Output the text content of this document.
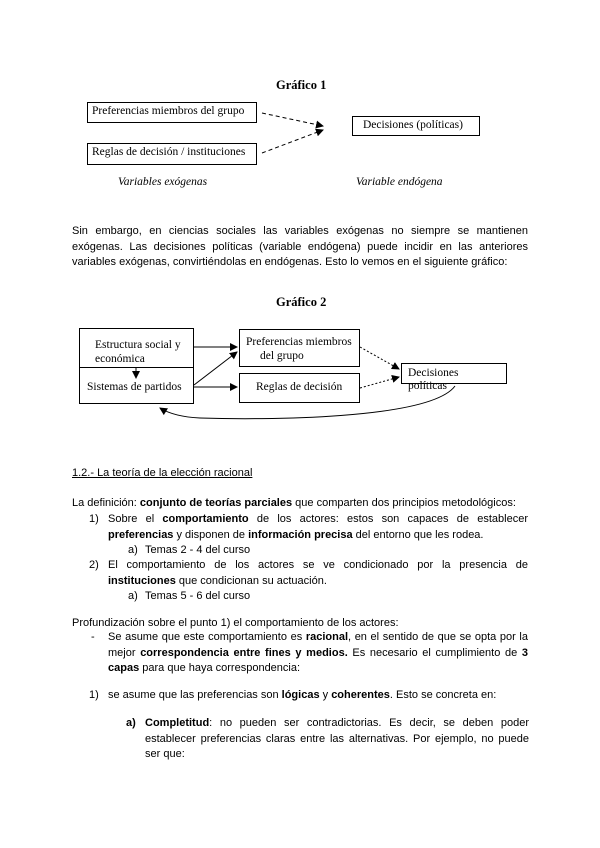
Gráfico 1
Preferencias miembros del grupo
Reglas de decisión / instituciones
Decisiones (políticas)
Variables exógenas	Variable endógena
Sin embargo, en ciencias sociales las variables exógenas no siempre se mantienen
exógenas. Las decisiones políticas (variable endógena) puede incidir en las anteriores
variables exógenas, convirtiéndolas en endógenas. Esto lo vemos en el siguiente gráfico:
Gráfico 2
Estructura social y
económica
Sistemas de partidos
Preferencias miembros
del grupo
Reglas de decisión
Decisiones políticas
1.2.- La teoría de la elección racional
La definición: conjunto de teorías parciales que comparten dos principios metodológicos:
1) Sobre el comportamiento de los actores: estos son capaces de establecer
preferencias y disponen de información precisa del entorno que les rodea.
a) Temas 2 - 4 del curso
2) El comportamiento de los actores se ve condicionado por la presencia de
instituciones que condicionan su actuación.
a) Temas 5 - 6 del curso
Profundización sobre el punto 1) el comportamiento de los actores:
- Se asume que este comportamiento es racional, en el sentido de que se opta por la
mejor correspondencia entre fines y medios. Es necesario el cumplimiento de 3
capas para que haya correspondencia:
1) se asume que las preferencias son lógicas y coherentes. Esto se concreta en:
a) Completitud: no pueden ser contradictorias. Es decir, se deben poder
establecer preferencias claras entre las alternativas. Por ejemplo, no puede
ser que:
